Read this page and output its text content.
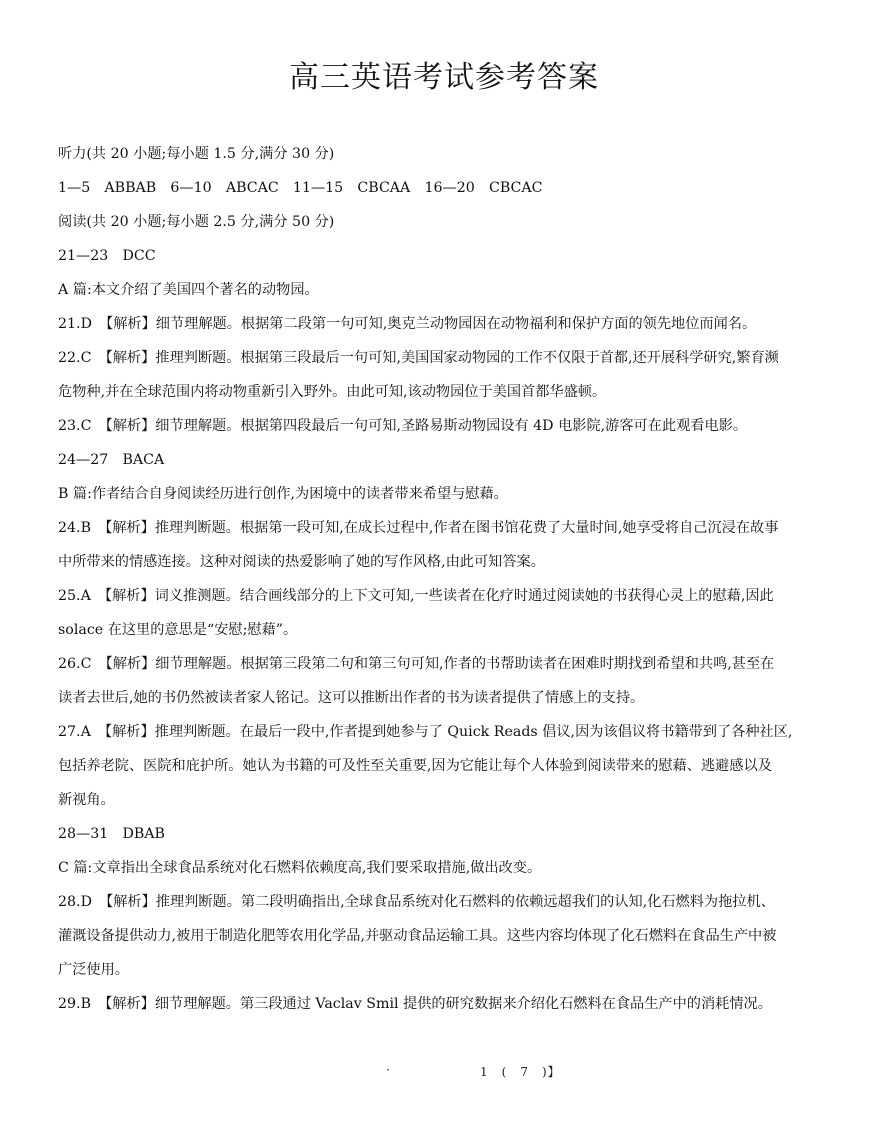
高三英语考试参考答案

听力(共 20 小题;每小题 1.5 分,满分 30 分)

1—5　ABBAB　6—10　ABCAC　11—15　CBCAA　16—20　CBCAC

阅读(共 20 小题;每小题 2.5 分,满分 50 分)

21—23　DCC

A 篇:本文介绍了美国四个著名的动物园。

21.D　【解析】细节理解题。根据第二段第一句可知,奥克兰动物园因在动物福利和保护方面的领先地位而闻名。

22.C　【解析】推理判断题。根据第三段最后一句可知,美国国家动物园的工作不仅限于首都,还开展科学研究,繁育濒

危物种,并在全球范围内将动物重新引入野外。由此可知,该动物园位于美国首都华盛顿。

23.C　【解析】细节理解题。根据第四段最后一句可知,圣路易斯动物园设有 4D 电影院,游客可在此观看电影。

24—27　BACA

B 篇:作者结合自身阅读经历进行创作,为困境中的读者带来希望与慰藉。

24.B　【解析】推理判断题。根据第一段可知,在成长过程中,作者在图书馆花费了大量时间,她享受将自己沉浸在故事

中所带来的情感连接。这种对阅读的热爱影响了她的写作风格,由此可知答案。

25.A　【解析】词义推测题。结合画线部分的上下文可知,一些读者在化疗时通过阅读她的书获得心灵上的慰藉,因此

solace 在这里的意思是“安慰;慰藉”。

26.C　【解析】细节理解题。根据第三段第二句和第三句可知,作者的书帮助读者在困难时期找到希望和共鸣,甚至在

读者去世后,她的书仍然被读者家人铭记。这可以推断出作者的书为读者提供了情感上的支持。

27.A　【解析】推理判断题。在最后一段中,作者提到她参与了 Quick Reads 倡议,因为该倡议将书籍带到了各种社区,

包括养老院、医院和庇护所。她认为书籍的可及性至关重要,因为它能让每个人体验到阅读带来的慰藉、逃避感以及

新视角。

28—31　DBAB

C 篇:文章指出全球食品系统对化石燃料依赖度高,我们要采取措施,做出改变。

28.D　【解析】推理判断题。第二段明确指出,全球食品系统对化石燃料的依赖远超我们的认知,化石燃料为拖拉机、

灌溉设备提供动力,被用于制造化肥等农用化学品,并驱动食品运输工具。这些内容均体现了化石燃料在食品生产中被

广泛使用。

29.B　【解析】细节理解题。第三段通过 Vaclav Smil 提供的研究数据来介绍化石燃料在食品生产中的消耗情况。

·	1　(　7　)】
